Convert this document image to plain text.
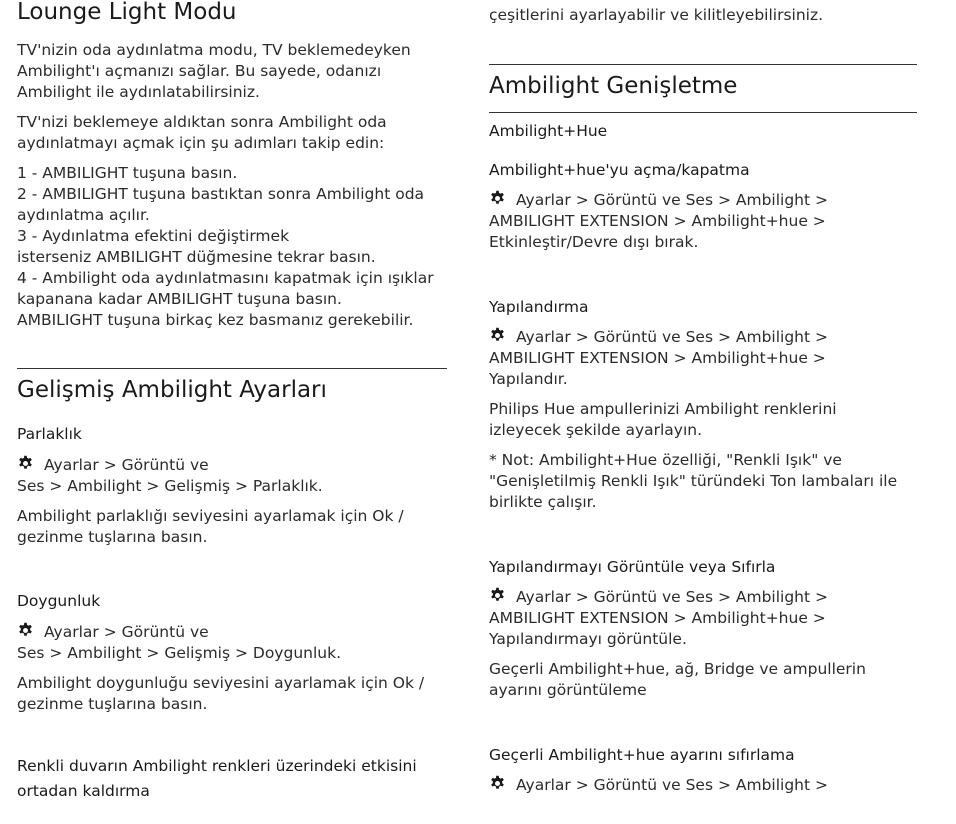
Lounge Light Modu

TV'nizin oda aydınlatma modu, TV beklemedeyken
Ambilight'ı açmanızı sağlar. Bu sayede, odanızı
Ambilight ile aydınlatabilirsiniz.

TV'nizi beklemeye aldıktan sonra Ambilight oda
aydınlatmayı açmak için şu adımları takip edin:

1 - AMBILIGHT tuşuna basın.
2 - AMBILIGHT tuşuna bastıktan sonra Ambilight oda
aydınlatma açılır.
3 - Aydınlatma efektini değiştirmek
isterseniz AMBILIGHT düğmesine tekrar basın.
4 - Ambilight oda aydınlatmasını kapatmak için ışıklar
kapanana kadar AMBILIGHT tuşuna basın.
AMBILIGHT tuşuna birkaç kez basmanız gerekebilir.

Gelişmiş Ambilight Ayarları
Parlaklık

Ayarlar > Görüntü ve
Ses > Ambilight > Gelişmiş > Parlaklık.

Ambilight parlaklığı seviyesini ayarlamak için Ok /
gezinme tuşlarına basın.

Doygunluk

Ayarlar > Görüntü ve
Ses > Ambilight > Gelişmiş > Doygunluk.

Ambilight doygunluğu seviyesini ayarlamak için Ok /
gezinme tuşlarına basın.

Renkli duvarın Ambilight renkleri üzerindeki etkisini
ortadan kaldırma

çeşitlerini ayarlayabilir ve kilitleyebilirsiniz.

Ambilight Genişletme
Ambilight+Hue
Ambilight+hue'yu açma/kapatma

Ayarlar > Görüntü ve Ses > Ambilight >
AMBILIGHT EXTENSION > Ambilight+hue >
Etkinleştir/Devre dışı bırak.

Yapılandırma

Ayarlar > Görüntü ve Ses > Ambilight >
AMBILIGHT EXTENSION > Ambilight+hue >
Yapılandır.

Philips Hue ampullerinizi Ambilight renklerini
izleyecek şekilde ayarlayın.

* Not: Ambilight+Hue özelliği, "Renkli Işık" ve
"Genişletilmiş Renkli Işık" türündeki Ton lambaları ile
birlikte çalışır.

Yapılandırmayı Görüntüle veya Sıfırla

Ayarlar > Görüntü ve Ses > Ambilight >
AMBILIGHT EXTENSION > Ambilight+hue >
Yapılandırmayı görüntüle.

Geçerli Ambilight+hue, ağ, Bridge ve ampullerin
ayarını görüntüleme

Geçerli Ambilight+hue ayarını sıfırlama

Ayarlar > Görüntü ve Ses > Ambilight >
